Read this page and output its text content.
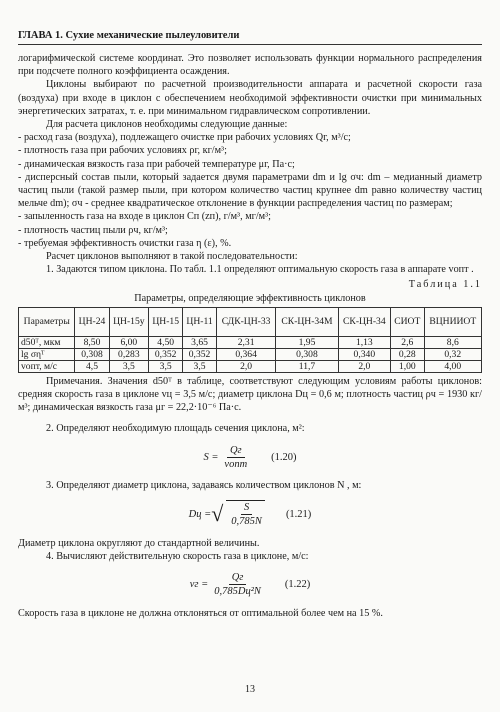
ГЛАВА 1. Сухие механические пылеуловители

логарифмической системе координат. Это позволяет использовать функции нормального распределения при подсчете полного коэффициента осаждения.

Циклоны выбирают по расчетной производительности аппарата и расчетной скорости газа (воздуха) при входе в циклон с обеспечением необходимой эффективности очистки при минимальных энергетических затратах, т. е. при минимальном гидравлическом сопротивлении.

Для расчета циклонов необходимы следующие данные:

- расход газа (воздуха), подлежащего очистке при рабочих условиях Qг, м³/с;

- плотность газа при рабочих условиях ρг, кг/м³;

- динамическая вязкость газа при рабочей температуре μг, Па·с;

- дисперсный состав пыли, который задается двумя параметрами dm и lg σч: dm – медианный диаметр частиц пыли (такой размер пыли, при котором количество частиц крупнее dm равно количеству частиц мельче dm); σч - среднее квадратическое отклонение в функции распределения частиц по размерам;

- запыленность газа на входе в циклон Сп (zп), г/м³, мг/м³;

- плотность частиц пыли ρч, кг/м³;

- требуемая эффективность очистки газа η (ε), %.

Расчет циклонов выполняют в такой последовательности:

1. Задаются типом циклона. По табл. 1.1 определяют оптимальную скорость газа в аппарате vопт .

Таблица 1.1
Параметры, определяющие эффективность циклонов
Параметры	ЦН-24	ЦН-15у	ЦН-15	ЦН-11	СДК-ЦН-33	СК-ЦН-34М	СК-ЦН-34	СИОТ	ВЦНИИОТ
d50ᵀ, мкм	8,50	6,00	4,50	3,65	2,31	1,95	1,13	2,6	8,6
lg σηᵀ	0,308	0,283	0,352	0,352	0,364	0,308	0,340	0,28	0,32
vопт, м/с	4,5	3,5	3,5	3,5	2,0	11,7	2,0	1,00	4,00

Примечания. Значения d50ᵀ в таблице, соответствуют следующим условиям работы циклонов: средняя скорость газа в циклоне vц = 3,5 м/с; диаметр циклона Dц = 0,6 м; плотность частиц ρч = 1930 кг/м³; динамическая вязкость газа μг = 22,2·10⁻⁶ Па·с.

2. Определяют необходимую площадь сечения циклона, м²:

$S = \frac{Qг}{\text{vопт}} (1.20)$

3. Определяют диаметр циклона, задаваясь количеством циклонов N , м:

Dц = √ $\frac{S}{0,785N} (1.21)$

Диаметр циклона округляют до стандартной величины.

4. Вычисляют действительную скорость газа в циклоне, м/с:

vг = $\frac{Qг}{\text{0,785Dц²N}} (1.22)$

Скорость газа в циклоне не должна отклоняться от оптимальной более чем на 15 %.

13
